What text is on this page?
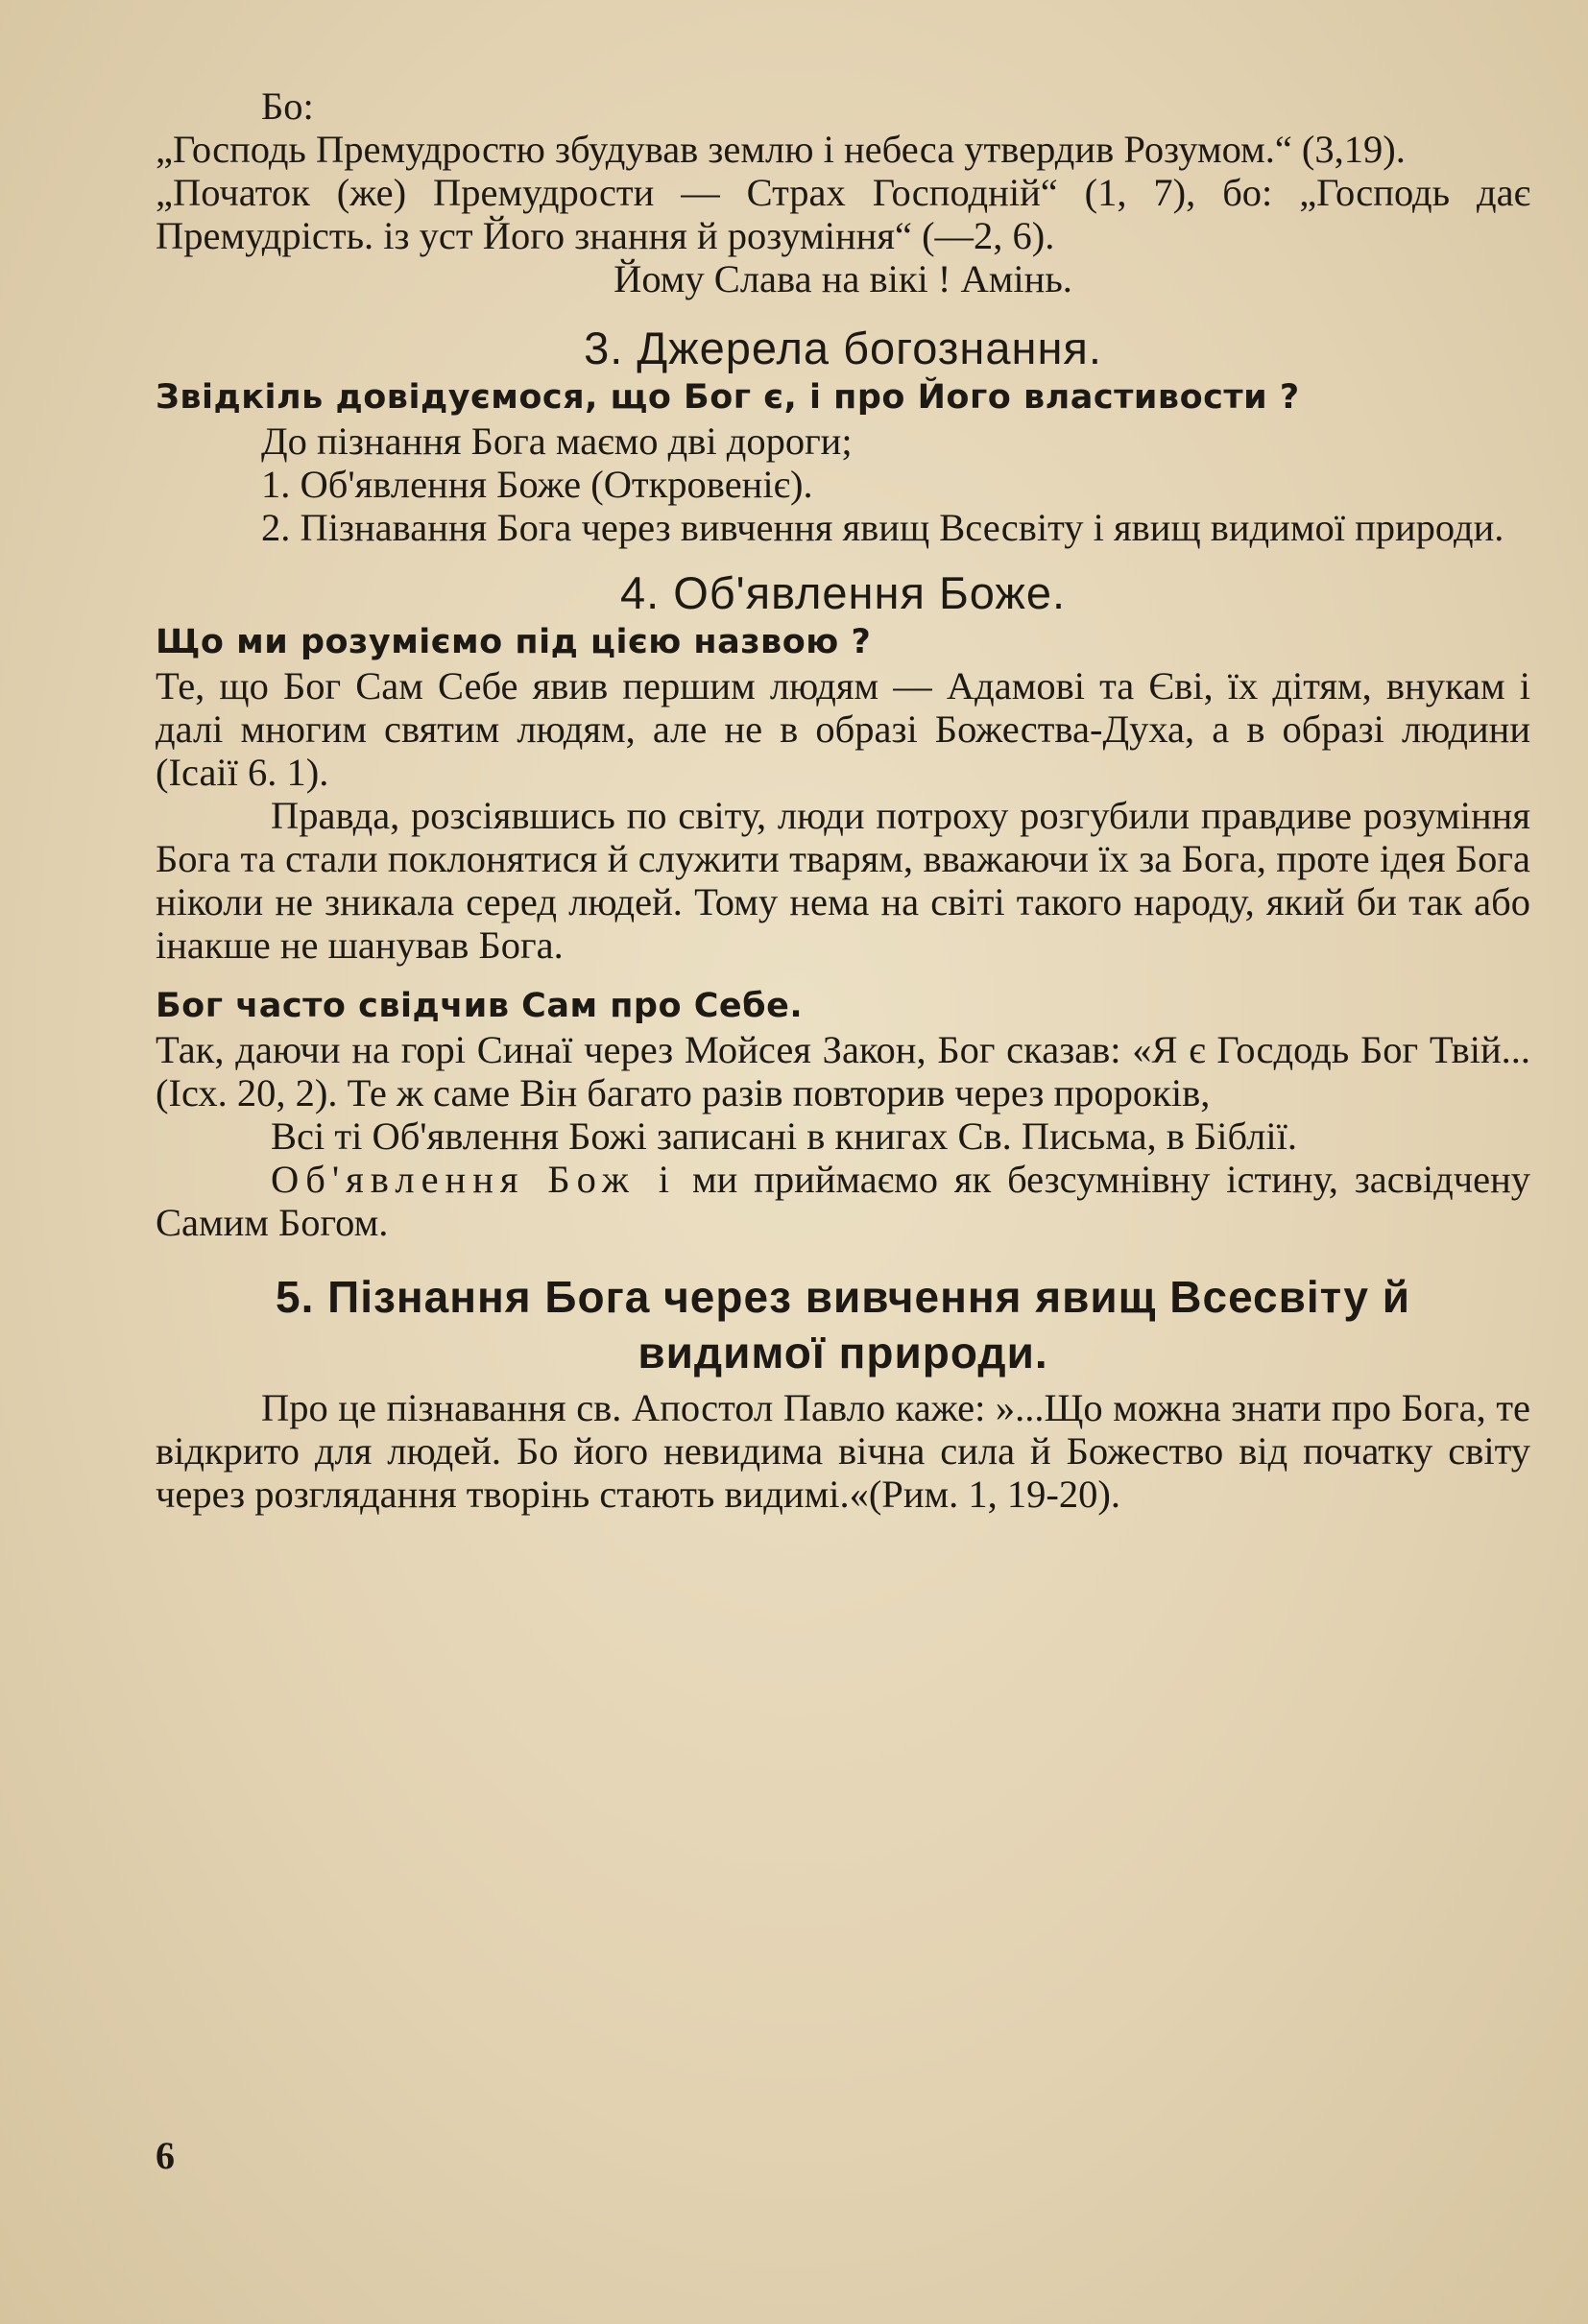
Бо:

„Господь Премудростю збудував землю і небеса утвердив Розумом.“ (3,19).

„Початок (же) Премудрости — Страх Господній“ (1, 7), бо: „Господь дає Премудрість. із уст Його знання й розуміння“ (—2, 6).

Йому Слава на вікі ! Амінь.

3. Джерела богознання.
Звідкіль довідуємося, що Бог є, і про Його властивости ?

До пізнання Бога маємо дві дороги;

1. Об'явлення Боже (Откровеніє).

2. Пізнавання Бога через вивчення явищ Всесвіту і явищ видимої природи.

4. Об'явлення Боже.
Що ми розуміємо під цією назвою ?

Те, що Бог Сам Себе явив першим людям — Адамові та Єві, їх дітям, внукам і далі многим святим людям, але не в образі Божества-Духа, а в образі людини (Ісаії 6. 1).

Правда, розсіявшись по світу, люди потроху розгубили правдиве розуміння Бога та стали поклонятися й служити тварям, вважаючи їх за Бога, проте ідея Бога ніколи не зникала серед людей. Тому нема на світі такого народу, який би так або інакше не шанував Бога.

Бог часто свідчив Сам про Себе.

Так, даючи на горі Синаї через Мойсея Закон, Бог сказав: «Я є Госдодь Бог Твій...(Ісх. 20, 2). Те ж саме Він багато разів повторив через пророків,

Всі ті Об'явлення Божі записані в книгах Св. Письма, в Біблії.

Об'явлення Бож і ми приймаємо як безсумнівну істину, засвідчену Самим Богом.

5. Пізнання Бога через вивчення явищ Всесвіту й
видимої природи.

Про це пізнавання св. Апостол Павло каже: »...Що можна знати про Бога, те відкрито для людей. Бо його невидима вічна сила й Божество від початку світу через розглядання творінь стають видимі.«(Рим. 1, 19-20).

6
